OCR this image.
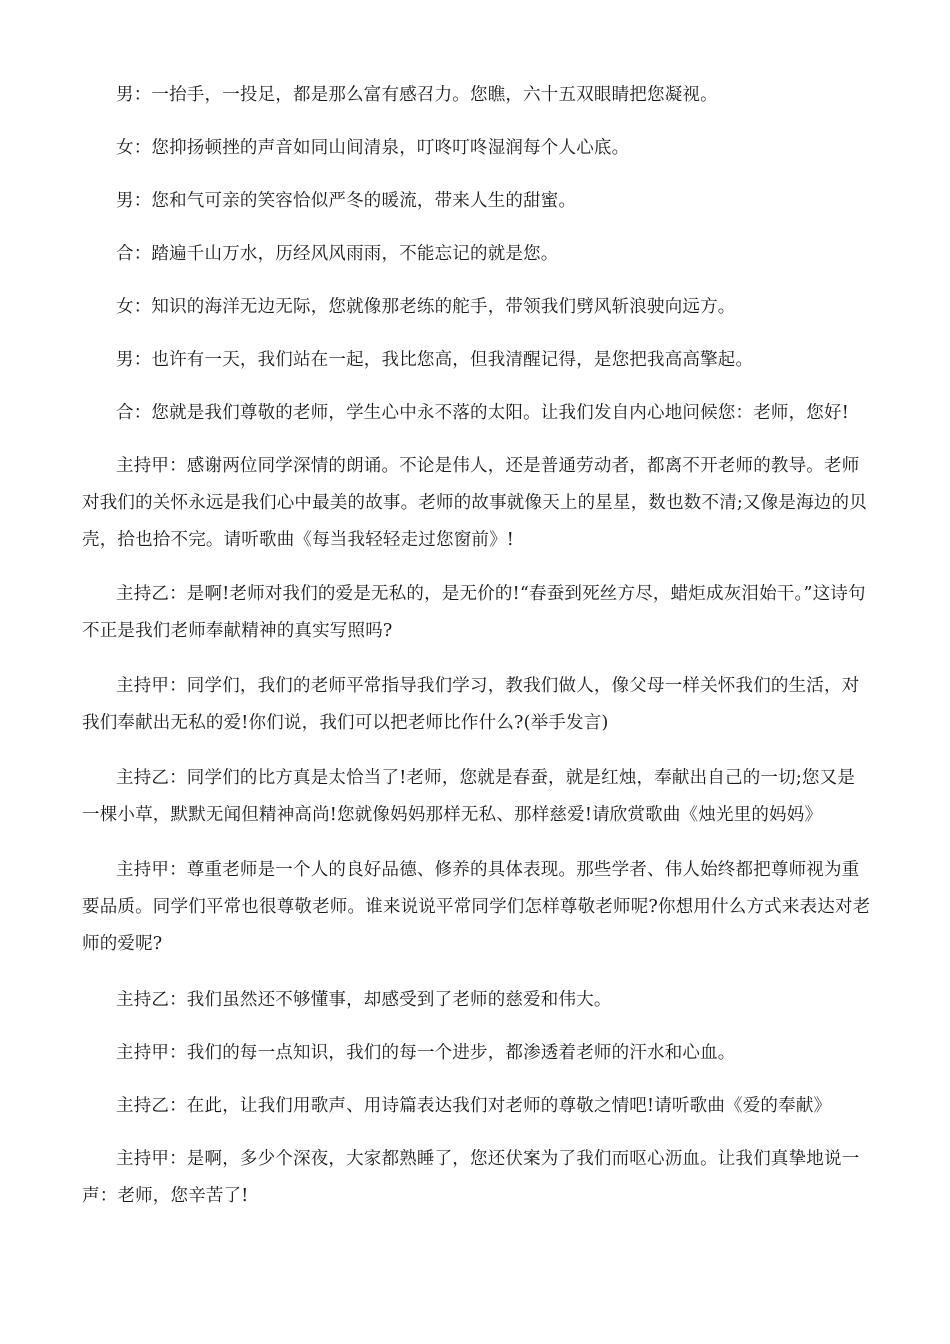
男：一抬手，一投足，都是那么富有感召力。您瞧，六十五双眼睛把您凝视。

女：您抑扬顿挫的声音如同山间清泉，叮咚叮咚湿润每个人心底。

男：您和气可亲的笑容恰似严冬的暖流，带来人生的甜蜜。

合：踏遍千山万水，历经风风雨雨，不能忘记的就是您。

女：知识的海洋无边无际，您就像那老练的舵手，带领我们劈风斩浪驶向远方。

男：也许有一天，我们站在一起，我比您高，但我清醒记得，是您把我高高擎起。

合：您就是我们尊敬的老师，学生心中永不落的太阳。让我们发自内心地问候您：老师，您好!

主持甲：感谢两位同学深情的朗诵。不论是伟人，还是普通劳动者，都离不开老师的教导。老师对我们的关怀永远是我们心中最美的故事。老师的故事就像天上的星星，数也数不清;又像是海边的贝壳，拾也拾不完。请听歌曲《每当我轻轻走过您窗前》!

主持乙：是啊!老师对我们的爱是无私的，是无价的!“春蚕到死丝方尽，蜡炬成灰泪始干。”这诗句不正是我们老师奉献精神的真实写照吗?

主持甲：同学们，我们的老师平常指导我们学习，教我们做人，像父母一样关怀我们的生活，对我们奉献出无私的爱!你们说，我们可以把老师比作什么?(举手发言)

主持乙：同学们的比方真是太恰当了!老师，您就是春蚕，就是红烛，奉献出自己的一切;您又是一棵小草，默默无闻但精神高尚!您就像妈妈那样无私、那样慈爱!请欣赏歌曲《烛光里的妈妈》

主持甲：尊重老师是一个人的良好品德、修养的具体表现。那些学者、伟人始终都把尊师视为重要品质。同学们平常也很尊敬老师。谁来说说平常同学们怎样尊敬老师呢?你想用什么方式来表达对老师的爱呢?

主持乙：我们虽然还不够懂事，却感受到了老师的慈爱和伟大。

主持甲：我们的每一点知识，我们的每一个进步，都渗透着老师的汗水和心血。

主持乙：在此，让我们用歌声、用诗篇表达我们对老师的尊敬之情吧!请听歌曲《爱的奉献》

主持甲：是啊，多少个深夜，大家都熟睡了，您还伏案为了我们而呕心沥血。让我们真挚地说一声：老师，您辛苦了!
